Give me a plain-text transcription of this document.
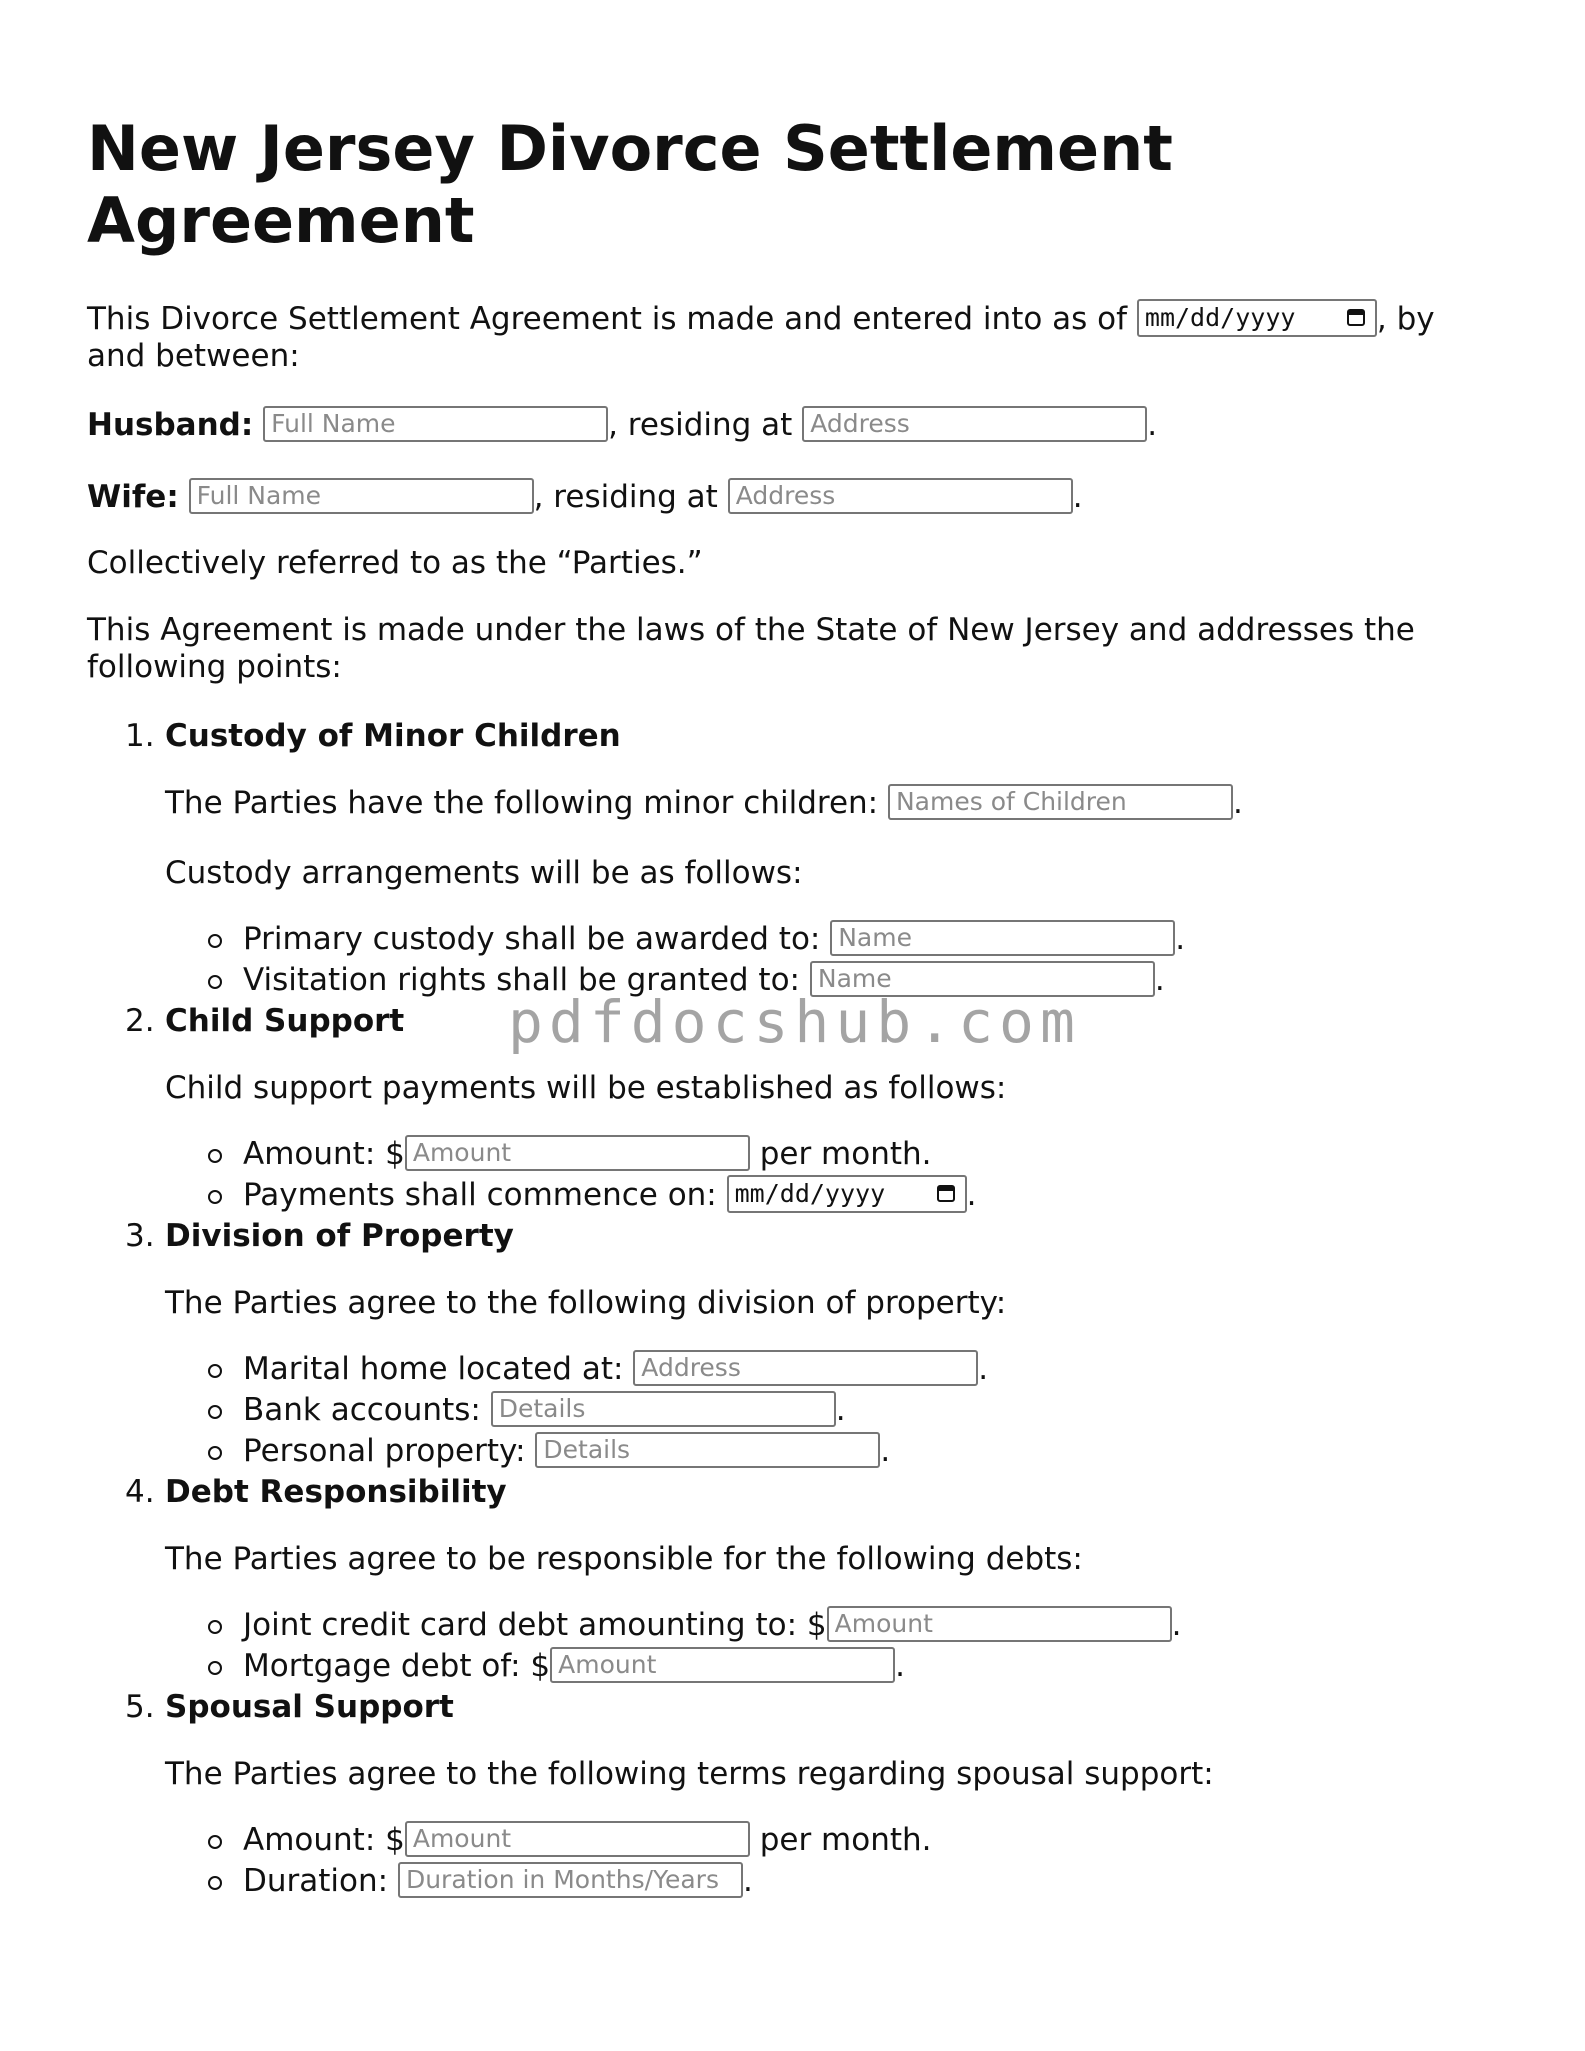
New Jersey Divorce Settlement Agreement

This Divorce Settlement Agreement is made and entered into as of mm/dd/yyyy	, by and between:

Husband: Full Name	, residing at Address	.

Wife: Full Name	, residing at Address	.

Collectively referred to as the “Parties.”

This Agreement is made under the laws of the State of New Jersey and addresses the following points:

1. Custody of Minor Children
The Parties have the following minor children: Names of Children	.
Custody arrangements will be as follows:
Primary custody shall be awarded to: Name	.
Visitation rights shall be granted to: Name	.
2. Child Support
Child support payments will be established as follows:
Amount: $Amount	per month.
Payments shall commence on: mm/dd/yyyy	.
3. Division of Property
The Parties agree to the following division of property:
Marital home located at: Address	.
Bank accounts: Details	.
Personal property: Details	.
4. Debt Responsibility
The Parties agree to be responsible for the following debts:
Joint credit card debt amounting to: $Amount	.
Mortgage debt of: $Amount	.
5. Spousal Support
The Parties agree to the following terms regarding spousal support:
Amount: $Amount	per month.
Duration: Duration in Months/Years	.
pdfdocshub.com
